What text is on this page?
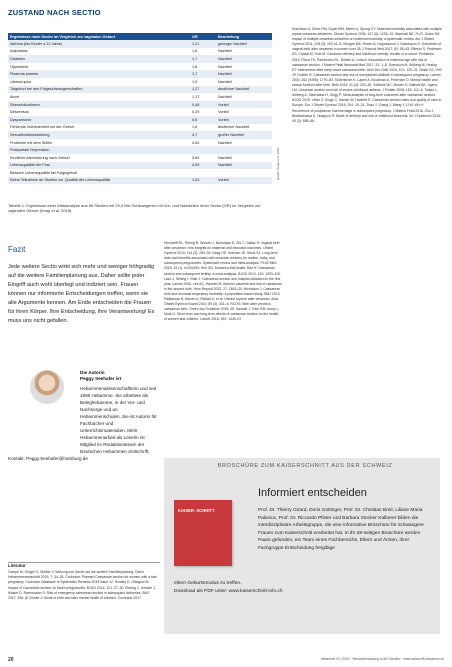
ZUSTAND NACH SECTIO
Ergebnisse nach Sectio im Vergleich zur vaginalen Geburt	OR	Beurteilung
Asthma (bis Kinder ≤ 12 Jahre)	1,21	geringer Nachteil
Adipositas	1,6	Nachteil
Diabetes	1,7	Nachteil
Hypertonie	1,8	Nachteil
Plazenta praevia	1,7	Nachteil
Uterusruptur	1,5	Nachteil
Totgeburt bei den Folgeschwangerschaften	1,27	deutlicher Nachteil
Abort	1,17	Nachteil
Stressinkontinenz	0,48	Vorteil
Deszensus	0,29	Vorteil
Dyspareunie	0,6	Vorteil
Fehlende Zufriedenheit mit der Geburt	1,6	deutlicher Nachteil
Sexualfunktionsstörung	4,7	großer Nachteil
Probleme mit dem Stillen	4,54	Nachteil
Postpartale Depression		
Kindliche Atemstörung nach Geburt	3,64	Nachteil
Lebensqualität der Frau	4,09	Nachteil
Bessere Lebensqualität bei Folgegeburt		
Keine Teilnahme an Studien zur Qualität der Lebensqualität	1,04	Vorteil
Quelle: Keag et al. 2018
Tabelle 1: Ergebnisse einer Metaanalyse aus 80 Studien mit 29,9 Mio Schwangeren mit Vor- und Nachteilen einer Sectio (OR) im Vergleich zur vaginalen Geburt (Keag et al. 2018).
Fazit
Jede weitere Sectio wirkt sich mehr und weniger höhgradig auf die weitere Familienplanung aus. Daher sollte jeder Eingriff auch wohl überlegt und indiziert sein. Frauen können nur informierte Entscheidungen treffen, wenn sie alle Argumente kennen. Am Ende entscheiden die Frauen für ihren Körper. Ihre Entscheidung, ihre Verantwortung! Es muss uns nicht gefallen.
Die Autorin
Peggy Seehafer ist
Hebammenwissenschaftlerin und seit 1996 Hebamme. Sie arbeitete als Beleghebamme, in der Vor- und Nachsorge und an Hebammenschulen. Sie ist Autorin für Fachbücher und Unterrichtsmaterialien. Mehr Hebammenarbeit als Leserin ist Mitglied im Redaktionsteam der Deutschen Hebammen Zeitschrift.
Kontakt: Peggy.Seehafer@hamburg.de
Literatur
Campe M, Gröger S, Kleiber J: Wirkung von Sectio auf die weitere Familienplanung. Dtsch Hebammenzeitschrift 2015; 7: 34–38. Cochrane: Planned Caesarean section for women with a twin pregnancy. Cochrane Database of Systematic Reviews 2015 Issue 12. Hindley D, Glasgow M: Impact of Caesarean section on future pregnancies. BJOG 2014; 121: 27–30. Ebbing C, Kessler J, Moster D, Rasmussen S: Risk of emergency caesarean section in subsequent deliveries. BMJ 2017; 356: j5. Döhler J: Mode of birth and later mental health of children. Cochrane 2017.
Hinchcliff RL, Rehrig R, Woloch J, Bumolyan D, Shi C, Sallaz H: Vaginal birth after cesarean: new insights on maternal and neonatal outcomes. Obstet Gynecol 2010; 116 (2): 289–94. Keag OE, Norman JE, Stock SJ: Long-term risks and benefits associated with cesarean delivery for mother, baby, and subsequent pregnancies: Systematic review and meta-analysis. PLoS Med 2018; 15 (1): e1002494. Kim GD, Mosarica-McDonald, Raz H: Caesarean section and subsequent fertility: a meta-analysis. BJOG 2013; 120: 1093–100. Lazo J, Stirling I, Villar J: Caesarean section and hospital utilization in the first year. Lancet 2006. Lee AC, Hansen M: Anterior placenta and risk of caesarean in the second birth. Hum Reprod 2012; 27: 1815–20. Nicholson J: Caesarean birth and neonatal respiratory morbidity: a population-based study. BMJ 2013. Pallasmaa N, Alanen A, Ekblad U, et al: Uterine rupture after cesarean. Acta Obstet Gynecol Scand 2010; 89 (3): 301–6. RCOG: Birth after previous caesarean birth. Green-top Guideline 2015; 45. Sandall J, Tribe RM, Avery L, Mola G: Short-term and long-term effects of caesarean section on the health of women and children. Lancet 2018; 392: 1349–57.
Hutchison A, Silver RM, Doyle MM, Meers A, Spong CY: Maternal morbidity associated with multiple repeat cesarean deliveries. Obstet Gynecol 2006; 107 (6): 1226–32. Marshall NE, Fu R, Guise JM: Impact of multiple cesarean deliveries on maternal morbidity: a systematic review. Am J Obstet Gynecol 2011; 205 (3): 262.e1–8. Morgan MA, Rosen A, Leguizamon J, Nussbaum S: Outcomes of vaginal birth after cesarean in women over 35. J Reprod Med 2017; 62: 55–63. Ribeiro S, Pedersen KS, Crystal M, Hvid M: Cesarean delivery and childhood obesity: results of a cohort. Pediatrics 2015. Ricca TK, Pamberton RL, Nolsen A, Lima A: Association of maternal age with risk of caesarean section. J Matern Fetal Neonatal Med 2017; 31: 1–8. Svensson M, Ahlberg M, Heslop ET: Intervention after early onset caesarean birth. Arch Dis Child 2016; 101: 129–31. Smith GC, Pell JP, Dobbie R: Caesarean section and risk of unexplained stillbirth in subsequent pregnancy. Lancet 2003; 362 (9398): 1779–84. Söderström K, Laptin A, Boukman A, Pedersen D: Mental health and sexual function after birth. Birth 2014; 41 (4): 225–35. Tollånes MC, Moster D, Daltveit AK, Irgens LM: Cesarean section and risk of severe childhood asthma. J Pediatr 2008; 153: 112–6. Tolsen L, Ahlberg A, Steinsland H, Grigg P: Meta-analysis of long-term outcomes after caesarean section. BJOG 2018. Vélez Z, Kluge C, Hacker M, Hodnett E: Caesarean section rates and quality of care in Europe. Eur J Obstet Gynecol 2016; 204: 19–24. Zhao Y, Zhang J, Wang Y, Li W, Wu H: Recurrence of postpartum haemorrhage in subsequent pregnancy. J Matern Fetal 2016. Zhu J, Bhattacharya S, Hodgson R: Mode of delivery and risk of childhood leukemia. Int J Epidemiol 2016; 45 (3): 858–66.
BROSCHÜRE ZUM KAISERSCHNITT AUS DER SCHWEIZ
Informiert entscheiden
KAISER- SCHNITT	Prof. Dr. Thierry Girard, Doris Güttinger, Prof. Dr. Christian Breil, Liliane Maria Palavioc, Prof. Dr. Riccardo Pfister und Barbara Stocker Kalberer bilden die interdisziplinäre Arbeitsgruppe, die eine informative Broschüre für schwangere Frauen zum Kaiserschnitt erarbeitet hat. In ihr 28-seitigen Broschüre werden Paare gefunden, ein Team eines Fachbereichs, Eltern und Ärzten, ihrer Fachgruppe Entscheidung freigibige
eltern Geburtsmodus zu treffen.
Download als PDF unter: www.kaiserschnitt-info.ch
20	Hebamme 02 | 2019 · Hebammenzeitung in der Schweiz · www.zeitschrift-hebamme.ch
